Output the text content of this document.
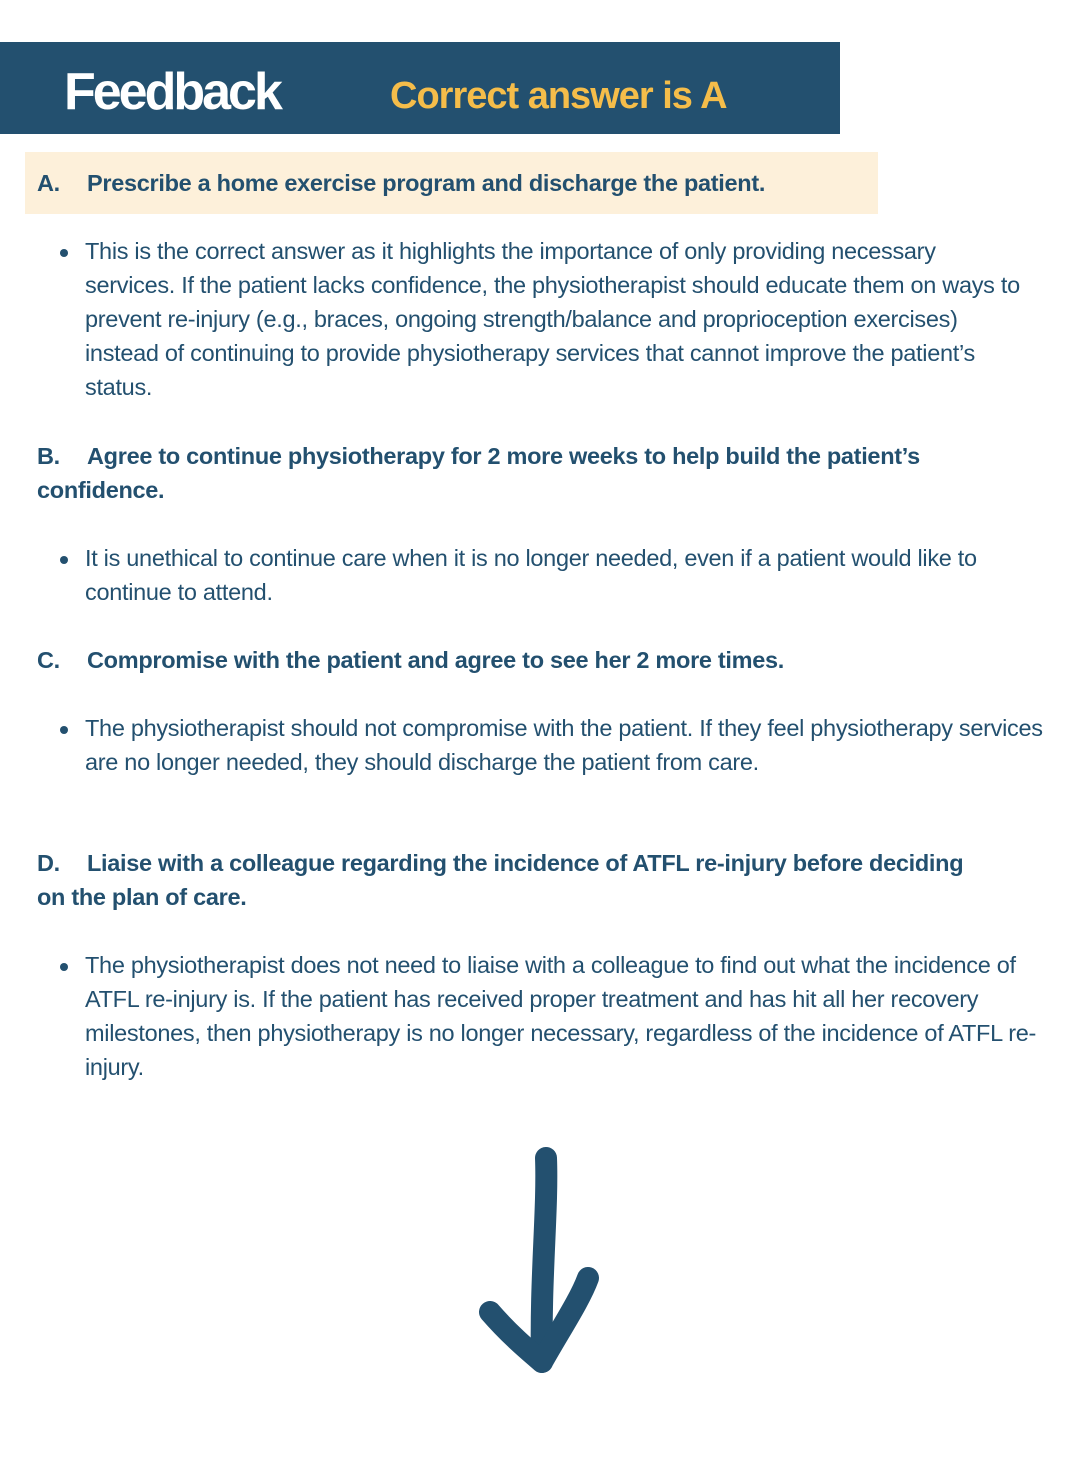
Feedback	Correct answer is A
A. Prescribe a home exercise program and discharge the patient.
This is the correct answer as it highlights the importance of only providing necessary services. If the patient lacks confidence, the physiotherapist should educate them on ways to prevent re-injury (e.g., braces, ongoing strength/balance and proprioception exercises) instead of continuing to provide physiotherapy services that cannot improve the patient’s status.
B. Agree to continue physiotherapy for 2 more weeks to help build the patient’s confidence.
It is unethical to continue care when it is no longer needed, even if a patient would like to continue to attend.
C. Compromise with the patient and agree to see her 2 more times.
The physiotherapist should not compromise with the patient. If they feel physiotherapy services are no longer needed, they should discharge the patient from care.
D. Liaise with a colleague regarding the incidence of ATFL re-injury before deciding on the plan of care.
The physiotherapist does not need to liaise with a colleague to find out what the incidence of ATFL re-injury is. If the patient has received proper treatment and has hit all her recovery milestones, then physiotherapy is no longer necessary, regardless of the incidence of ATFL re-injury.
